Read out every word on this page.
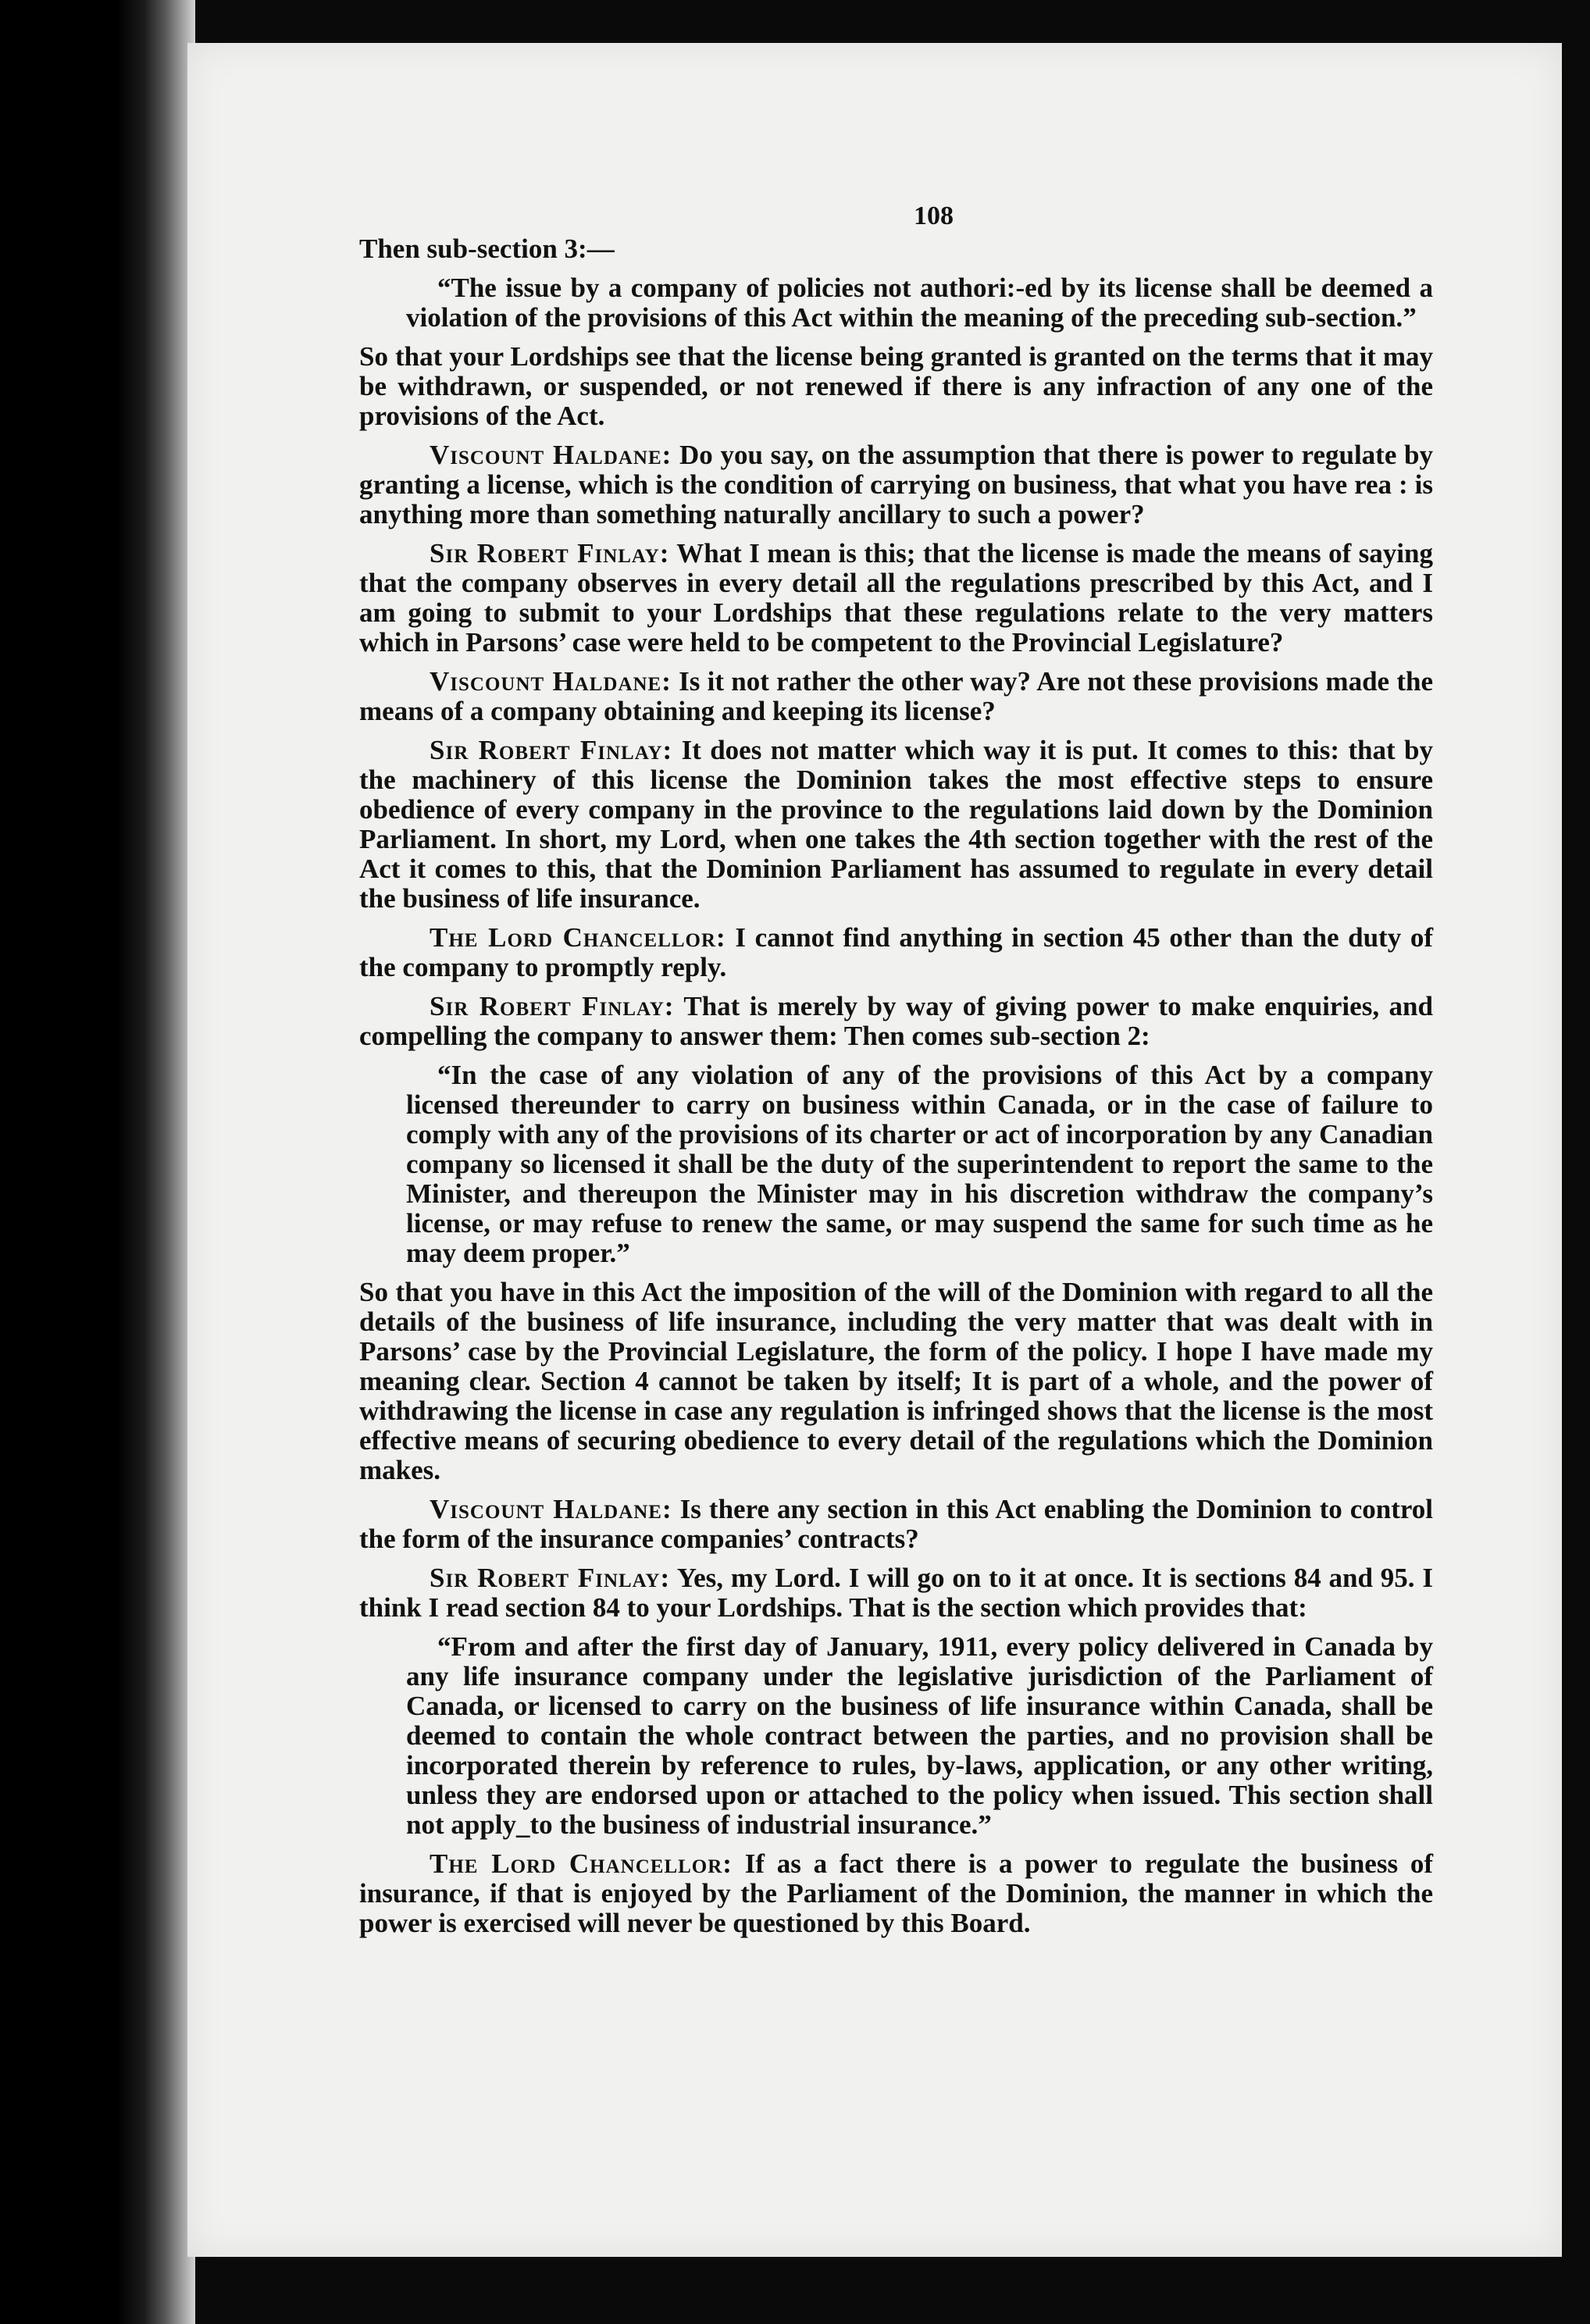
108

Then sub-section 3:—

“The issue by a company of policies not authori:-ed by its license shall be deemed a violation of the provisions of this Act within the meaning of the preceding sub-section.”

So that your Lordships see that the license being granted is granted on the terms that it may be withdrawn, or suspended, or not renewed if there is any infraction of any one of the provisions of the Act.

Viscount Haldane: Do you say, on the assumption that there is power to regulate by granting a license, which is the condition of carrying on business, that what you have rea : is anything more than something naturally ancillary to such a power?

Sir Robert Finlay: What I mean is this; that the license is made the means of saying that the company observes in every detail all the regulations prescribed by this Act, and I am going to submit to your Lordships that these regulations relate to the very matters which in Parsons’ case were held to be competent to the Provincial Legislature?

Viscount Haldane: Is it not rather the other way? Are not these provisions made the means of a company obtaining and keeping its license?

Sir Robert Finlay: It does not matter which way it is put. It comes to this: that by the machinery of this license the Dominion takes the most effective steps to ensure obedience of every company in the province to the regulations laid down by the Dominion Parliament. In short, my Lord, when one takes the 4th section together with the rest of the Act it comes to this, that the Dominion Parliament has assumed to regulate in every detail the business of life insurance.

The Lord Chancellor: I cannot find anything in section 45 other than the duty of the company to promptly reply.

Sir Robert Finlay: That is merely by way of giving power to make enquiries, and compelling the company to answer them: Then comes sub-section 2:

“In the case of any violation of any of the provisions of this Act by a company licensed thereunder to carry on business within Canada, or in the case of failure to comply with any of the provisions of its charter or act of incorporation by any Canadian company so licensed it shall be the duty of the superintendent to report the same to the Minister, and thereupon the Minister may in his discretion withdraw the company’s license, or may refuse to renew the same, or may suspend the same for such time as he may deem proper.”

So that you have in this Act the imposition of the will of the Dominion with regard to all the details of the business of life insurance, including the very matter that was dealt with in Parsons’ case by the Provincial Legislature, the form of the policy. I hope I have made my meaning clear. Section 4 cannot be taken by itself; It is part of a whole, and the power of withdrawing the license in case any regulation is infringed shows that the license is the most effective means of securing obedience to every detail of the regulations which the Dominion makes.

Viscount Haldane: Is there any section in this Act enabling the Dominion to control the form of the insurance companies’ contracts?

Sir Robert Finlay: Yes, my Lord. I will go on to it at once. It is sections 84 and 95. I think I read section 84 to your Lordships. That is the section which provides that:

“From and after the first day of January, 1911, every policy delivered in Canada by any life insurance company under the legislative jurisdiction of the Parliament of Canada, or licensed to carry on the business of life insurance within Canada, shall be deemed to contain the whole contract between the parties, and no provision shall be incorporated therein by reference to rules, by-laws, application, or any other writing, unless they are endorsed upon or attached to the policy when issued. This section shall not apply_to the business of industrial insurance.”

The Lord Chancellor: If as a fact there is a power to regulate the business of insurance, if that is enjoyed by the Parliament of the Dominion, the manner in which the power is exercised will never be questioned by this Board.
